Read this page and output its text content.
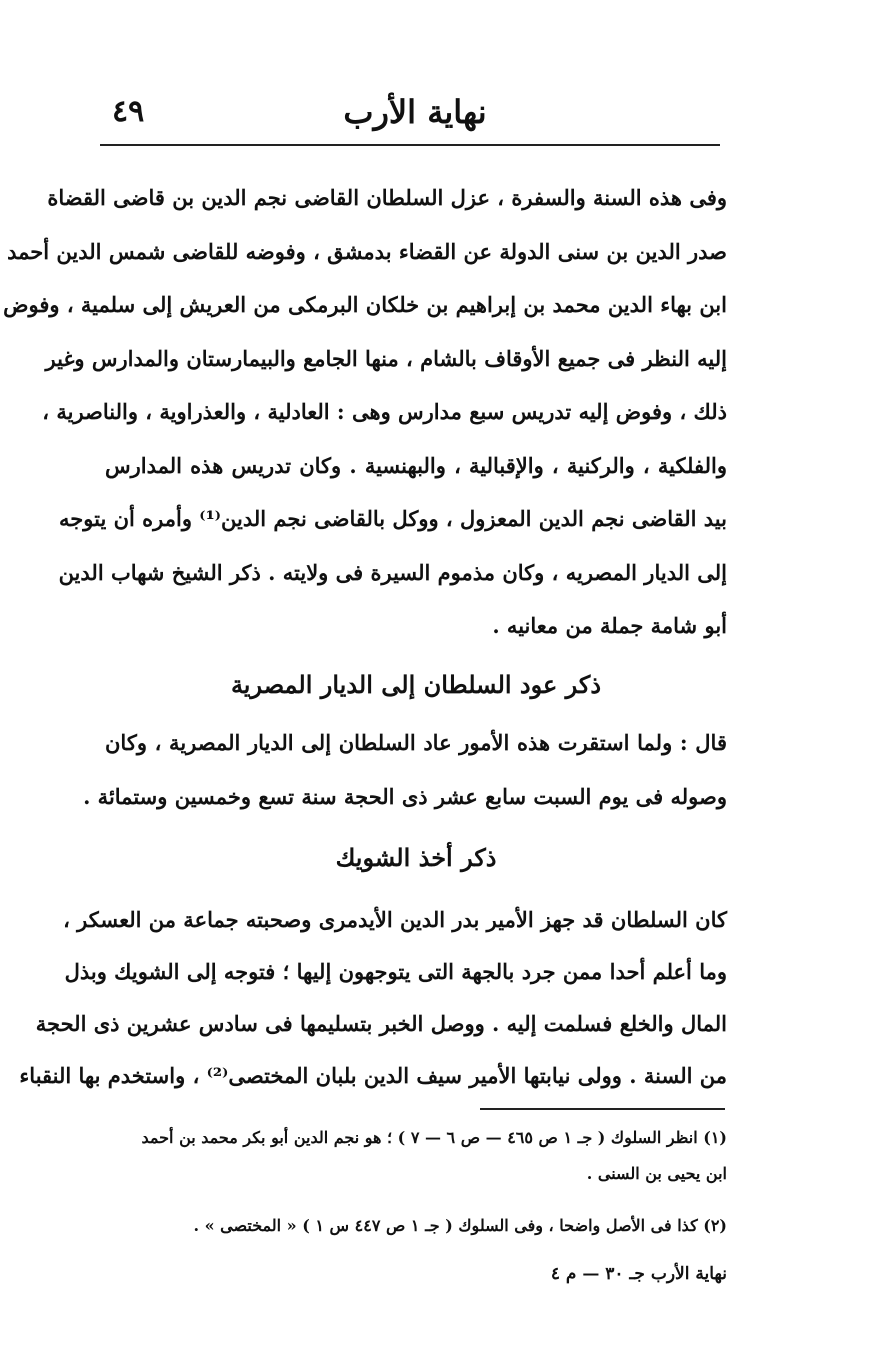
نهاية الأرب
٤٩
وفى هذه السنة والسفرة ، عزل السلطان القاضى نجم الدين بن قاضى القضاة
صدر الدين بن سنى الدولة عن القضاء بدمشق ، وفوضه للقاضى شمس الدين أحمد
ابن بهاء الدين محمد بن إبراهيم بن خلكان البرمكى من العريش إلى سلمية ، وفوض
إليه النظر فى جميع الأوقاف بالشام ، منها الجامع والبيمارستان والمدارس وغير
ذلك ، وفوض إليه تدريس سبع مدارس وهى : العادلية ، والعذراوية ، والناصرية ،
والفلكية ، والركنية ، والإقبالية ، والبهنسية . وكان تدريس هذه المدارس
بيد القاضى نجم الدين المعزول ، ووكل بالقاضى نجم الدين⁽¹⁾ وأمره أن يتوجه
إلى الديار المصريه ، وكان مذموم السيرة فى ولايته . ذكر الشيخ شهاب الدين
أبو شامة جملة من معانيه .
ذكر عود السلطان إلى الديار المصرية
قال : ولما استقرت هذه الأمور عاد السلطان إلى الديار المصرية ، وكان
وصوله فى يوم السبت سابع عشر ذى الحجة سنة تسع وخمسين وستمائة .
ذكر أخذ الشويك
كان السلطان قد جهز الأمير بدر الدين الأيدمرى وصحبته جماعة من العسكر ،
وما أعلم أحدا ممن جرد بالجهة التى يتوجهون إليها ؛ فتوجه إلى الشويك وبذل
المال والخلع فسلمت إليه . ووصل الخبر بتسليمها فى سادس عشرين ذى الحجة
من السنة . وولى نيابتها الأمير سيف الدين بلبان المختصى⁽²⁾ ، واستخدم بها النقباء
(١) انظر السلوك ( جـ ١ ص ٤٦٥ — ص ٦ — ٧ ) ؛ هو نجم الدين أبو بكر محمد بن أحمد
ابن يحيى بن السنى .
(٢) كذا فى الأصل واضحا ، وفى السلوك ( جـ ١ ص ٤٤٧ س ١ ) « المختصى » .
نهاية الأرب جـ ٣٠ — م ٤
